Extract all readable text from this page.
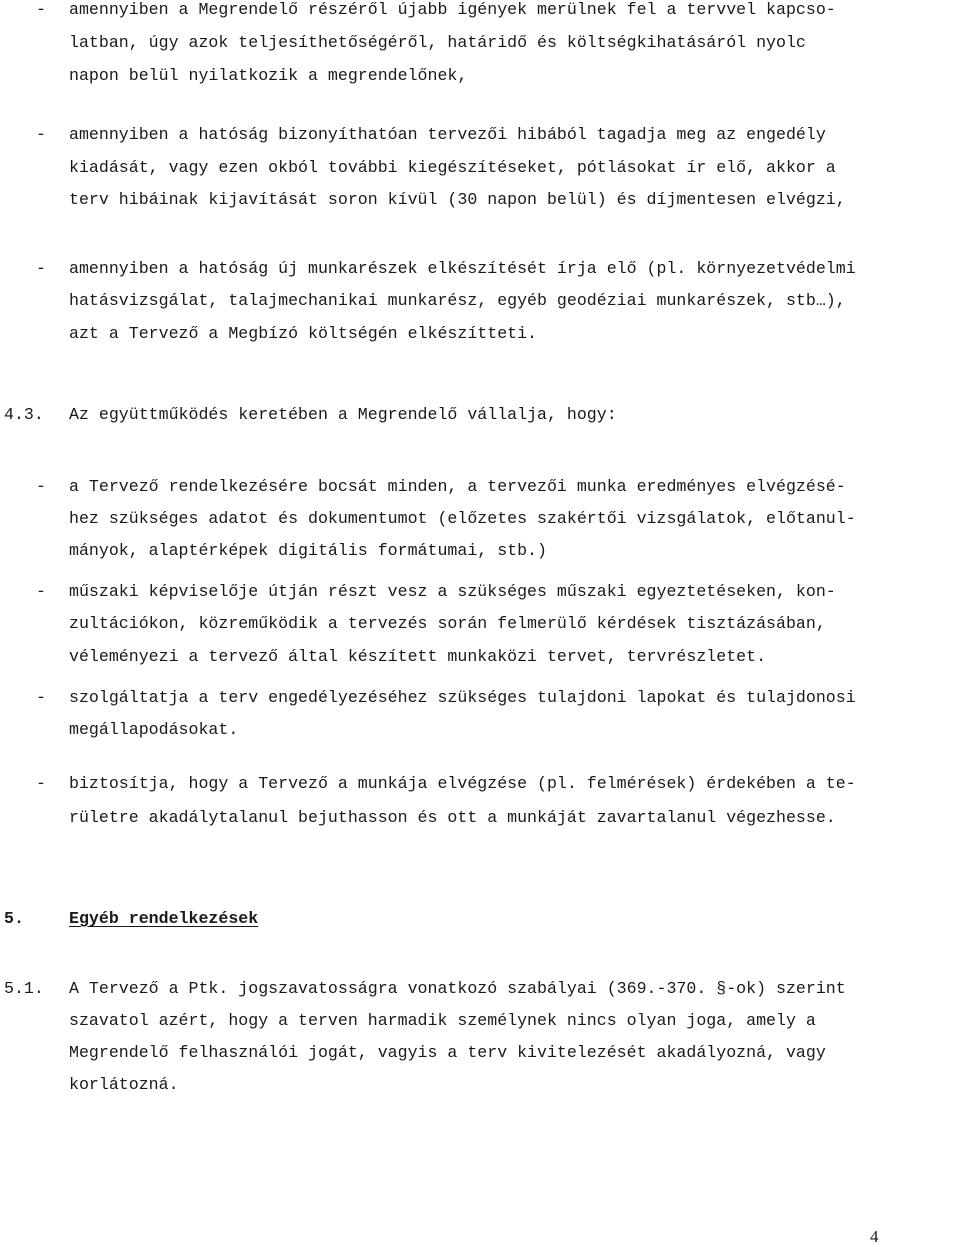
- amennyiben a Megrendelő részéről újabb igények merülnek fel a tervvel kapcso-
latban, úgy azok teljesíthetőségéről, határidő és költségkihatásáról nyolc
napon belül nyilatkozik a megrendelőnek,
- amennyiben a hatóság bizonyíthatóan tervezői hibából tagadja meg az engedély
kiadását, vagy ezen okból további kiegészítéseket, pótlásokat ír elő, akkor a
terv hibáinak kijavítását soron kívül (30 napon belül) és díjmentesen elvégzi,
- amennyiben a hatóság új munkarészek elkészítését írja elő (pl. környezetvédelmi
hatásvizsgálat, talajmechanikai munkarész, egyéb geodéziai munkarészek, stb…),
azt a Tervező a Megbízó költségén elkészítteti.
4.3. Az együttműködés keretében a Megrendelő vállalja, hogy:
- a Tervező rendelkezésére bocsát minden, a tervezői munka eredményes elvégzésé-
hez szükséges adatot és dokumentumot (előzetes szakértői vizsgálatok, előtanul-
mányok, alaptérképek digitális formátumai, stb.)
- műszaki képviselője útján részt vesz a szükséges műszaki egyeztetéseken, kon-
zultációkon, közreműködik a tervezés során felmerülő kérdések tisztázásában,
véleményezi a tervező által készített munkaközi tervet, tervrészletet.
- szolgáltatja a terv engedélyezéséhez szükséges tulajdoni lapokat és tulajdonosi
megállapodásokat.
- biztosítja, hogy a Tervező a munkája elvégzése (pl. felmérések) érdekében a te-
rületre akadálytalanul bejuthasson és ott a munkáját zavartalanul végezhesse.
5.	Egyéb rendelkezések
5.1. A Tervező a Ptk. jogszavatosságra vonatkozó szabályai (369.-370. §-ok) szerint
szavatol azért, hogy a terven harmadik személynek nincs olyan joga, amely a
Megrendelő felhasználói jogát, vagyis a terv kivitelezését akadályozná, vagy
korlátozná.
4
